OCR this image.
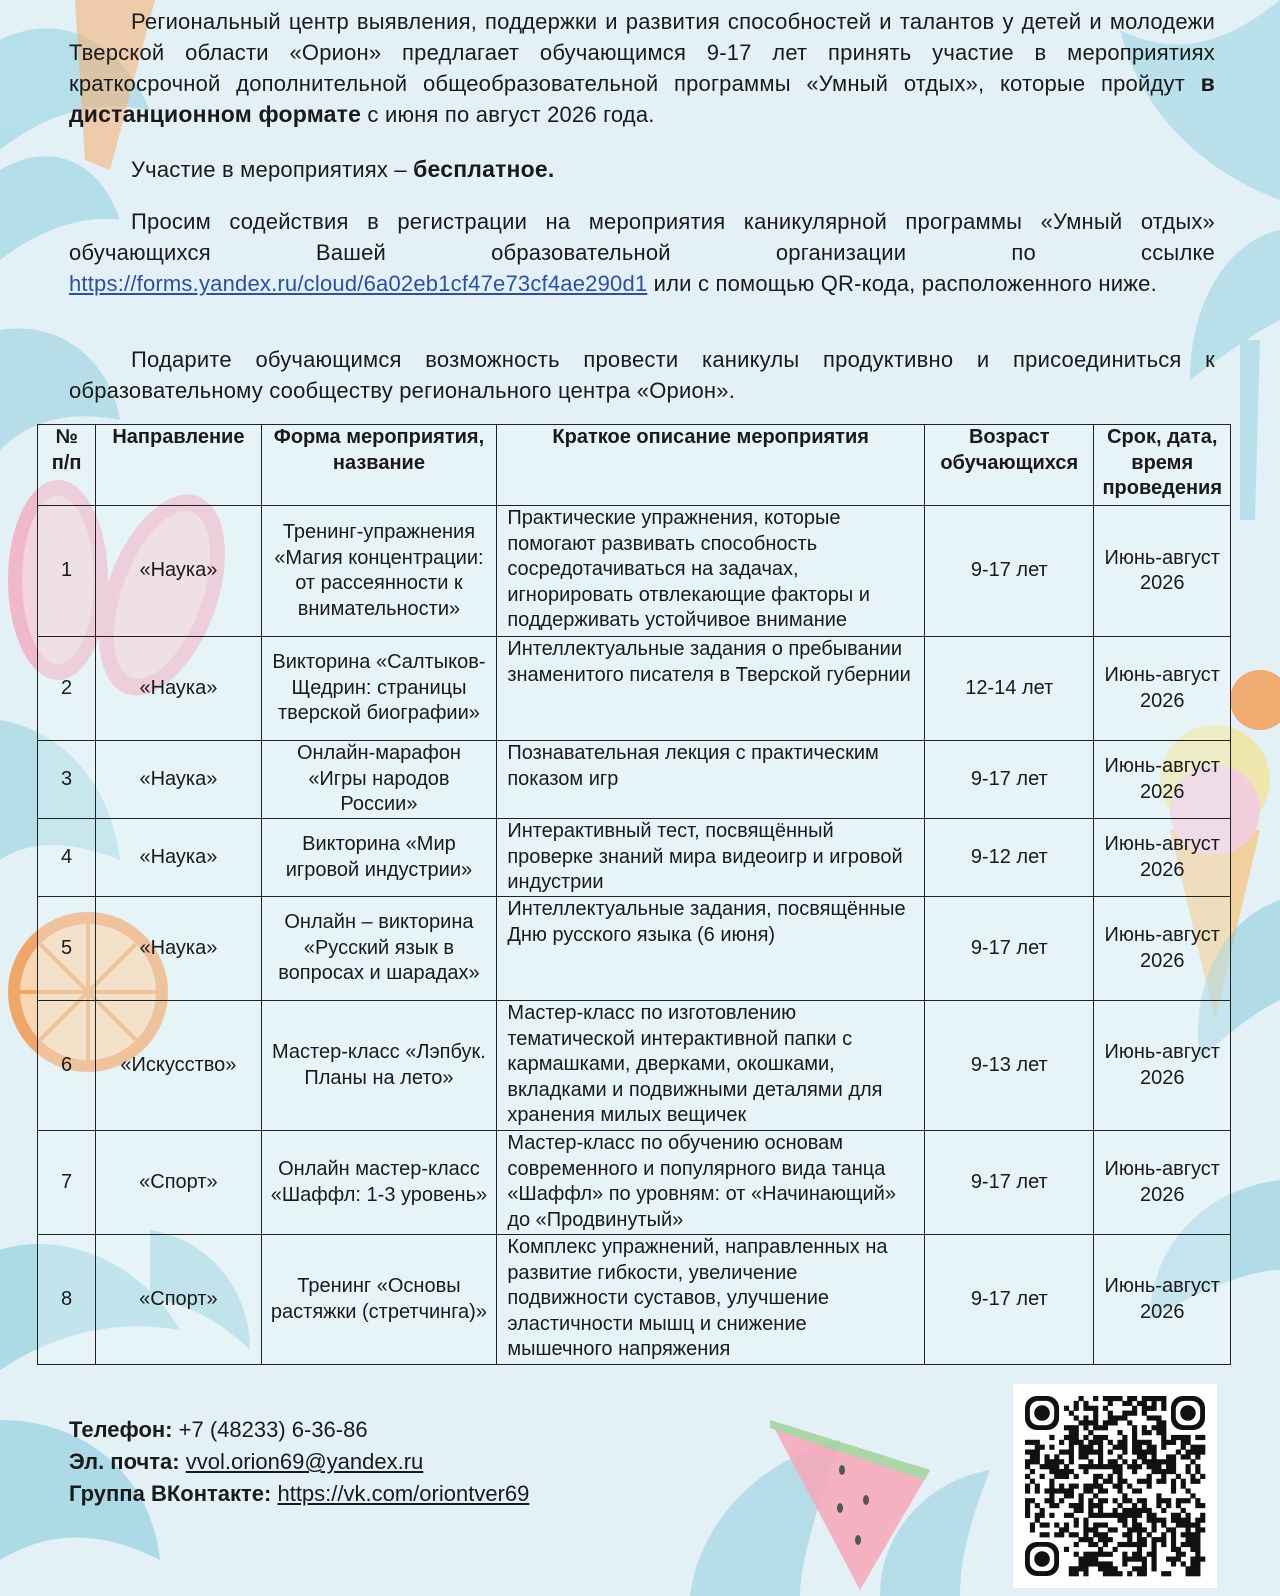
Региональный центр выявления, поддержки и развития способностей и талантов у детей и молодежи Тверской области «Орион» предлагает обучающимся 9-17 лет принять участие в мероприятиях краткосрочной дополнительной общеобразовательной программы «Умный отдых», которые пройдут в дистанционном формате с июня по август 2026 года.
Участие в мероприятиях – бесплатное.
Просим содействия в регистрации на мероприятия каникулярной программы «Умный отдых» обучающихся Вашей образовательной организации по ссылке https://forms.yandex.ru/cloud/6a02eb1cf47e73cf4ae290d1 или с помощью QR-кода, расположенного ниже.
Подарите обучающимся возможность провести каникулы продуктивно и присоединиться к образовательному сообществу регионального центра «Орион».
№ п/п	Направление	Форма мероприятия, название	Краткое описание мероприятия	Возраст обучающихся	Срок, дата, время проведения
1	«Наука»	Тренинг-упражнения «Магия концентрации: от рассеянности к внимательности»	Практические упражнения, которые помогают развивать способность сосредотачиваться на задачах, игнорировать отвлекающие факторы и поддерживать устойчивое внимание	9-17 лет	Июнь-август 2026
2	«Наука»	Викторина «Салтыков-Щедрин: страницы тверской биографии»	Интеллектуальные задания о пребывании знаменитого писателя в Тверской губернии	12-14 лет	Июнь-август 2026
3	«Наука»	Онлайн-марафон «Игры народов России»	Познавательная лекция с практическим показом игр	9-17 лет	Июнь-август 2026
4	«Наука»	Викторина «Мир игровой индустрии»	Интерактивный тест, посвящённый проверке знаний мира видеоигр и игровой индустрии	9-12 лет	Июнь-август 2026
5	«Наука»	Онлайн – викторина «Русский язык в вопросах и шарадах»	Интеллектуальные задания, посвящённые Дню русского языка (6 июня)	9-17 лет	Июнь-август 2026
6	«Искусство»	Мастер-класс «Лэпбук. Планы на лето»	Мастер-класс по изготовлению тематической интерактивной папки с кармашками, дверками, окошками, вкладками и подвижными деталями для хранения милых вещичек	9-13 лет	Июнь-август 2026
7	«Спорт»	Онлайн мастер-класс «Шаффл: 1-3 уровень»	Мастер-класс по обучению основам современного и популярного вида танца «Шаффл» по уровням: от «Начинающий» до «Продвинутый»	9-17 лет	Июнь-август 2026
8	«Спорт»	Тренинг «Основы растяжки (стретчинга)»	Комплекс упражнений, направленных на развитие гибкости, увеличение подвижности суставов, улучшение эластичности мышц и снижение мышечного напряжения	9-17 лет	Июнь-август 2026
Телефон: +7 (48233) 6-36-86
Эл. почта: vvol.orion69@yandex.ru
Группа ВКонтакте: https://vk.com/oriontver69
